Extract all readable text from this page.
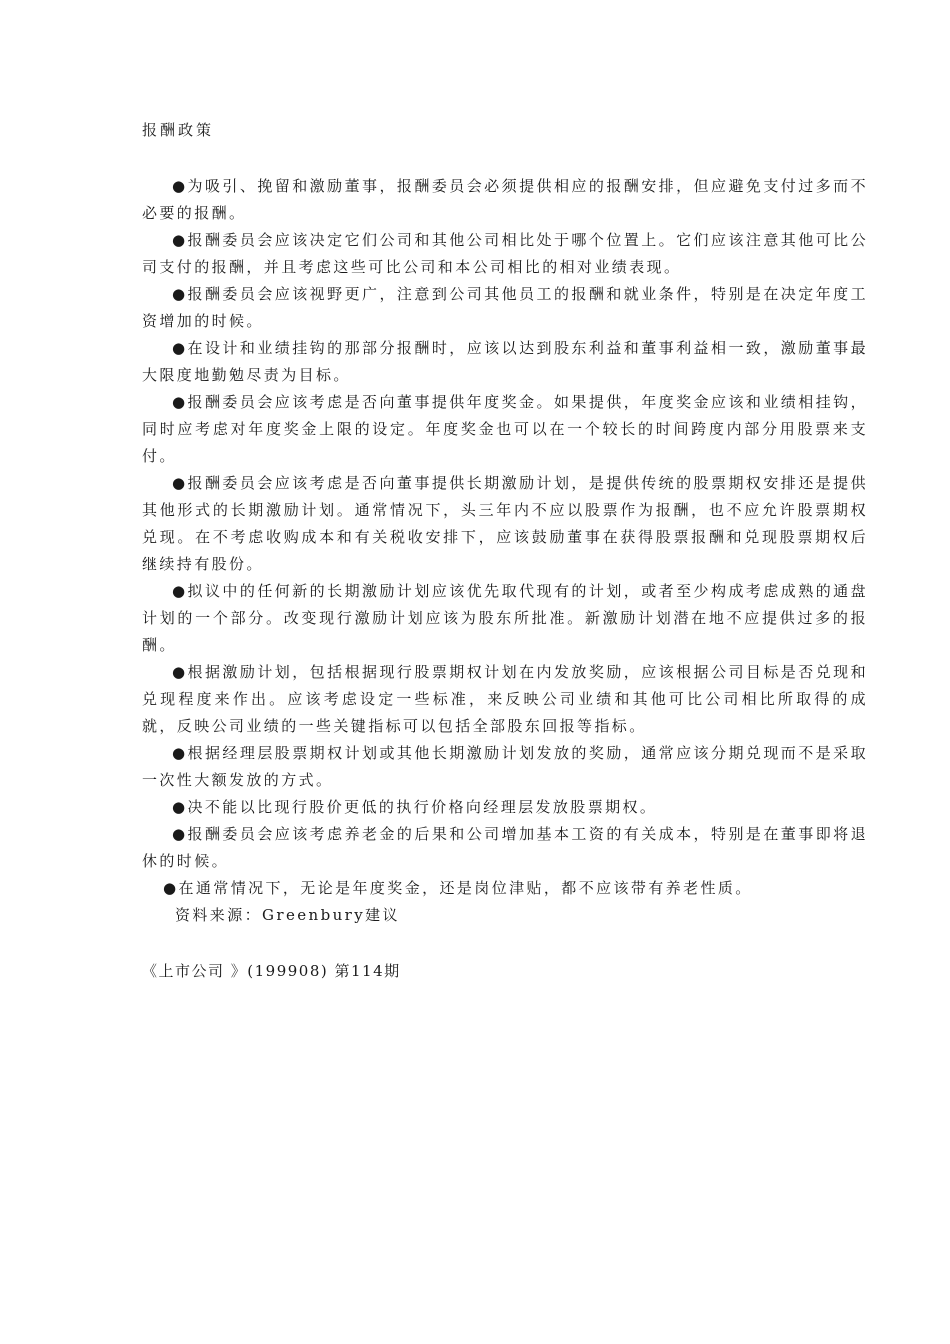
报酬政策

●为吸引、挽留和激励董事，报酬委员会必须提供相应的报酬安排，但应避免支付过多而不必要的报酬。

●报酬委员会应该决定它们公司和其他公司相比处于哪个位置上。它们应该注意其他可比公司支付的报酬，并且考虑这些可比公司和本公司相比的相对业绩表现。

●报酬委员会应该视野更广，注意到公司其他员工的报酬和就业条件，特别是在决定年度工资增加的时候。

●在设计和业绩挂钩的那部分报酬时，应该以达到股东利益和董事利益相一致，激励董事最大限度地勤勉尽责为目标。

●报酬委员会应该考虑是否向董事提供年度奖金。如果提供，年度奖金应该和业绩相挂钩，同时应考虑对年度奖金上限的设定。年度奖金也可以在一个较长的时间跨度内部分用股票来支付。

●报酬委员会应该考虑是否向董事提供长期激励计划，是提供传统的股票期权安排还是提供其他形式的长期激励计划。通常情况下，头三年内不应以股票作为报酬，也不应允许股票期权兑现。在不考虑收购成本和有关税收安排下，应该鼓励董事在获得股票报酬和兑现股票期权后继续持有股份。

●拟议中的任何新的长期激励计划应该优先取代现有的计划，或者至少构成考虑成熟的通盘计划的一个部分。改变现行激励计划应该为股东所批准。新激励计划潜在地不应提供过多的报酬。

●根据激励计划，包括根据现行股票期权计划在内发放奖励，应该根据公司目标是否兑现和兑现程度来作出。应该考虑设定一些标准，来反映公司业绩和其他可比公司相比所取得的成就，反映公司业绩的一些关键指标可以包括全部股东回报等指标。

●根据经理层股票期权计划或其他长期激励计划发放的奖励，通常应该分期兑现而不是采取一次性大额发放的方式。

●决不能以比现行股价更低的执行价格向经理层发放股票期权。

●报酬委员会应该考虑养老金的后果和公司增加基本工资的有关成本，特别是在董事即将退休的时候。

●在通常情况下，无论是年度奖金，还是岗位津贴，都不应该带有养老性质。

资料来源：Greenbury建议

《上市公司 》(199908) 第114期
